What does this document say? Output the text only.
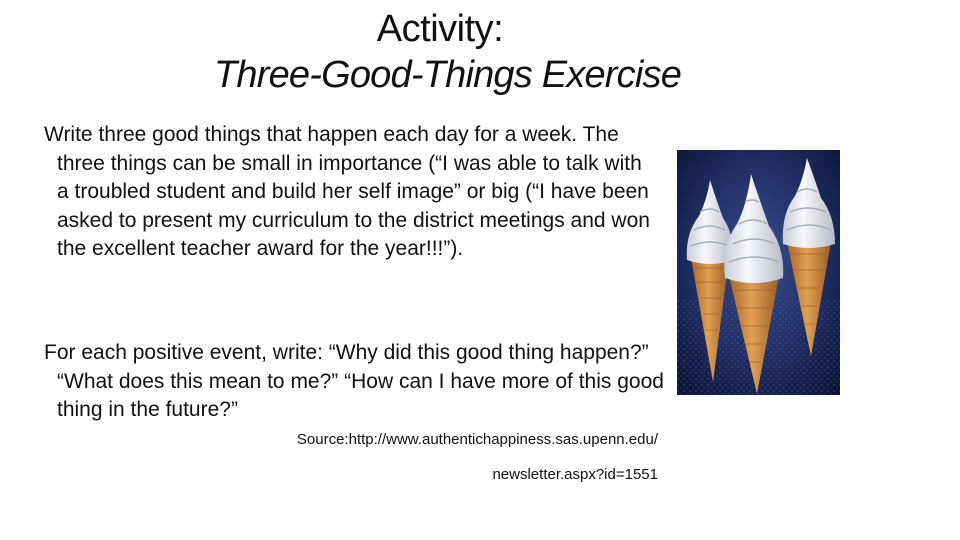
Activity:
Three-Good-Things Exercise
Write three good things that happen each day for a week. The three things can be small in importance (“I was able to talk with a troubled student and build her self image” or big (“I have been asked to present my curriculum to the district meetings and won the excellent teacher award for the year!!!”).
For each positive event, write: “Why did this good thing happen?” “What does this mean to me?” “How can I have more of this good thing in the future?”
Source:http://www.authentichappiness.sas.upenn.edu/
newsletter.aspx?id=1551
